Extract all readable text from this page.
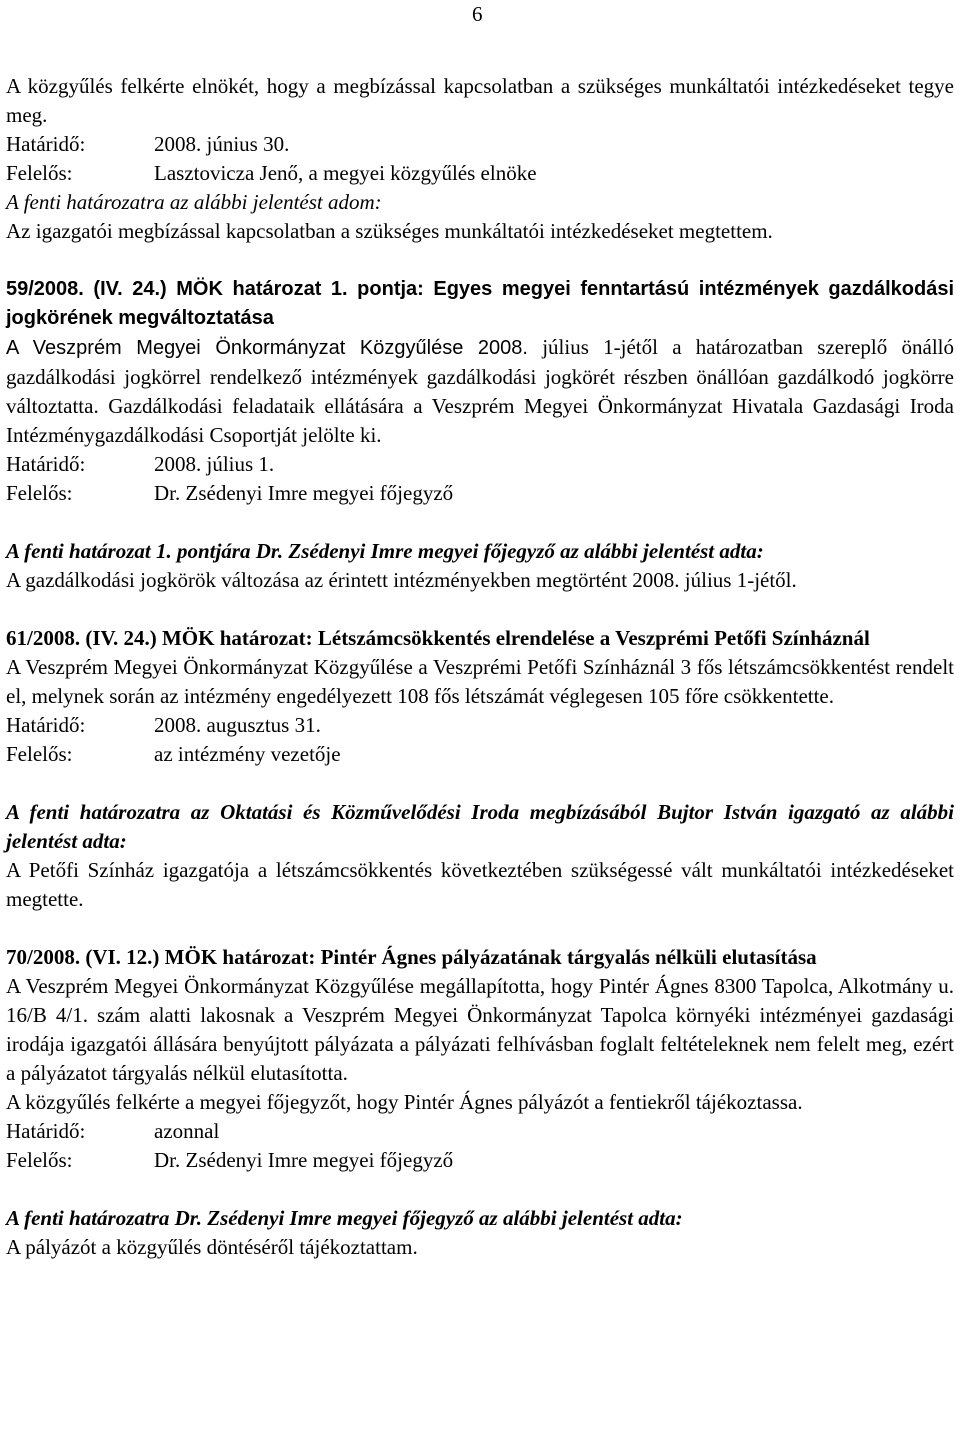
6

A közgyűlés felkérte elnökét, hogy a megbízással kapcsolatban a szükséges munkáltatói intézkedéseket tegye meg.

Határidő:	2008. június 30.
Felelős:	Lasztovicza Jenő, a megyei közgyűlés elnöke

A fenti határozatra az alábbi jelentést adom:

Az igazgatói megbízással kapcsolatban a szükséges munkáltatói intézkedéseket megtettem.

59/2008. (IV. 24.) MÖK határozat 1. pontja: Egyes megyei fenntartású intézmények gazdálkodási jogkörének megváltoztatása

A Veszprém Megyei Önkormányzat Közgyűlése 2008. július 1-jétől a határozatban szereplő önálló gazdálkodási jogkörrel rendelkező intézmények gazdálkodási jogkörét részben önállóan gazdálkodó jogkörre változtatta. Gazdálkodási feladataik ellátására a Veszprém Megyei Önkormányzat Hivatala Gazdasági Iroda Intézménygazdálkodási Csoportját jelölte ki.

Határidő:	2008. július 1.
Felelős:	Dr. Zsédenyi Imre megyei főjegyző

A fenti határozat 1. pontjára Dr. Zsédenyi Imre megyei főjegyző az alábbi jelentést adta:

A gazdálkodási jogkörök változása az érintett intézményekben megtörtént 2008. július 1-jétől.

61/2008. (IV. 24.) MÖK határozat: Létszámcsökkentés elrendelése a Veszprémi Petőfi Színháznál

A Veszprém Megyei Önkormányzat Közgyűlése a Veszprémi Petőfi Színháznál 3 fős létszámcsökkentést rendelt el, melynek során az intézmény engedélyezett 108 fős létszámát véglegesen 105 főre csökkentette.

Határidő:	2008. augusztus 31.
Felelős:	az intézmény vezetője

A fenti határozatra az Oktatási és Közművelődési Iroda megbízásából Bujtor István igazgató az alábbi jelentést adta:

A Petőfi Színház igazgatója a létszámcsökkentés következtében szükségessé vált munkáltatói intézkedéseket megtette.

70/2008. (VI. 12.) MÖK határozat: Pintér Ágnes pályázatának tárgyalás nélküli elutasítása

A Veszprém Megyei Önkormányzat Közgyűlése megállapította, hogy Pintér Ágnes 8300 Tapolca, Alkotmány u. 16/B 4/1. szám alatti lakosnak a Veszprém Megyei Önkormányzat Tapolca környéki intézményei gazdasági irodája igazgatói állására benyújtott pályázata a pályázati felhívásban foglalt feltételeknek nem felelt meg, ezért a pályázatot tárgyalás nélkül elutasította.

A közgyűlés felkérte a megyei főjegyzőt, hogy Pintér Ágnes pályázót a fentiekről tájékoztassa.

Határidő:	azonnal
Felelős:	Dr. Zsédenyi Imre megyei főjegyző

A fenti határozatra Dr. Zsédenyi Imre megyei főjegyző az alábbi jelentést adta:

A pályázót a közgyűlés döntéséről tájékoztattam.
